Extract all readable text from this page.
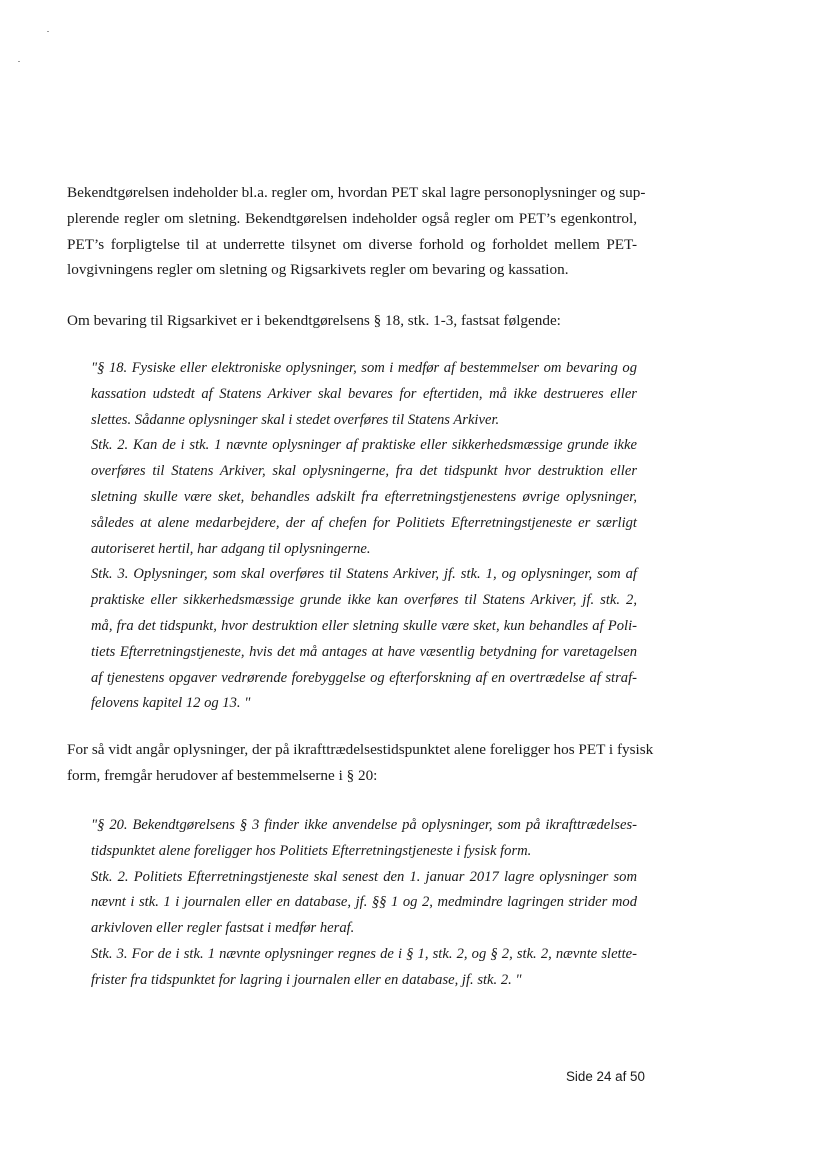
Bekendtgørelsen indeholder bl.a. regler om, hvordan PET skal lagre personoplysninger og sup-
plerende regler om sletning. Bekendtgørelsen indeholder også regler om PET’s egenkontrol,
PET’s forpligtelse til at underrette tilsynet om diverse forhold og forholdet mellem PET-
lovgivningens regler om sletning og Rigsarkivets regler om bevaring og kassation.

Om bevaring til Rigsarkivet er i bekendtgørelsens § 18, stk. 1-3, fastsat følgende:

"§ 18. Fysiske eller elektroniske oplysninger, som i medfør af bestemmelser om bevaring og
kassation udstedt af Statens Arkiver skal bevares for eftertiden, må ikke destrueres eller
slettes. Sådanne oplysninger skal i stedet overføres til Statens Arkiver.
Stk. 2. Kan de i stk. 1 nævnte oplysninger af praktiske eller sikkerhedsmæssige grunde ikke
overføres til Statens Arkiver, skal oplysningerne, fra det tidspunkt hvor destruktion eller
sletning skulle være sket, behandles adskilt fra efterretningstjenestens øvrige oplysninger,
således at alene medarbejdere, der af chefen for Politiets Efterretningstjeneste er særligt
autoriseret hertil, har adgang til oplysningerne.
Stk. 3. Oplysninger, som skal overføres til Statens Arkiver, jf. stk. 1, og oplysninger, som af
praktiske eller sikkerhedsmæssige grunde ikke kan overføres til Statens Arkiver, jf. stk. 2,
må, fra det tidspunkt, hvor destruktion eller sletning skulle være sket, kun behandles af Poli-
tiets Efterretningstjeneste, hvis det må antages at have væsentlig betydning for varetagelsen
af tjenestens opgaver vedrørende forebyggelse og efterforskning af en overtrædelse af straf-
felovens kapitel 12 og 13. "

For så vidt angår oplysninger, der på ikrafttrædelsestidspunktet alene foreligger hos PET i fysisk
form, fremgår herudover af bestemmelserne i § 20:

"§ 20. Bekendtgørelsens § 3 finder ikke anvendelse på oplysninger, som på ikrafttrædelses-
tidspunktet alene foreligger hos Politiets Efterretningstjeneste i fysisk form.
Stk. 2. Politiets Efterretningstjeneste skal senest den 1. januar 2017 lagre oplysninger som
nævnt i stk. 1 i journalen eller en database, jf. §§ 1 og 2, medmindre lagringen strider mod
arkivloven eller regler fastsat i medfør heraf.
Stk. 3. For de i stk. 1 nævnte oplysninger regnes de i § 1, stk. 2, og § 2, stk. 2, nævnte slette-
frister fra tidspunktet for lagring i journalen eller en database, jf. stk. 2. "
Side 24 af 50
